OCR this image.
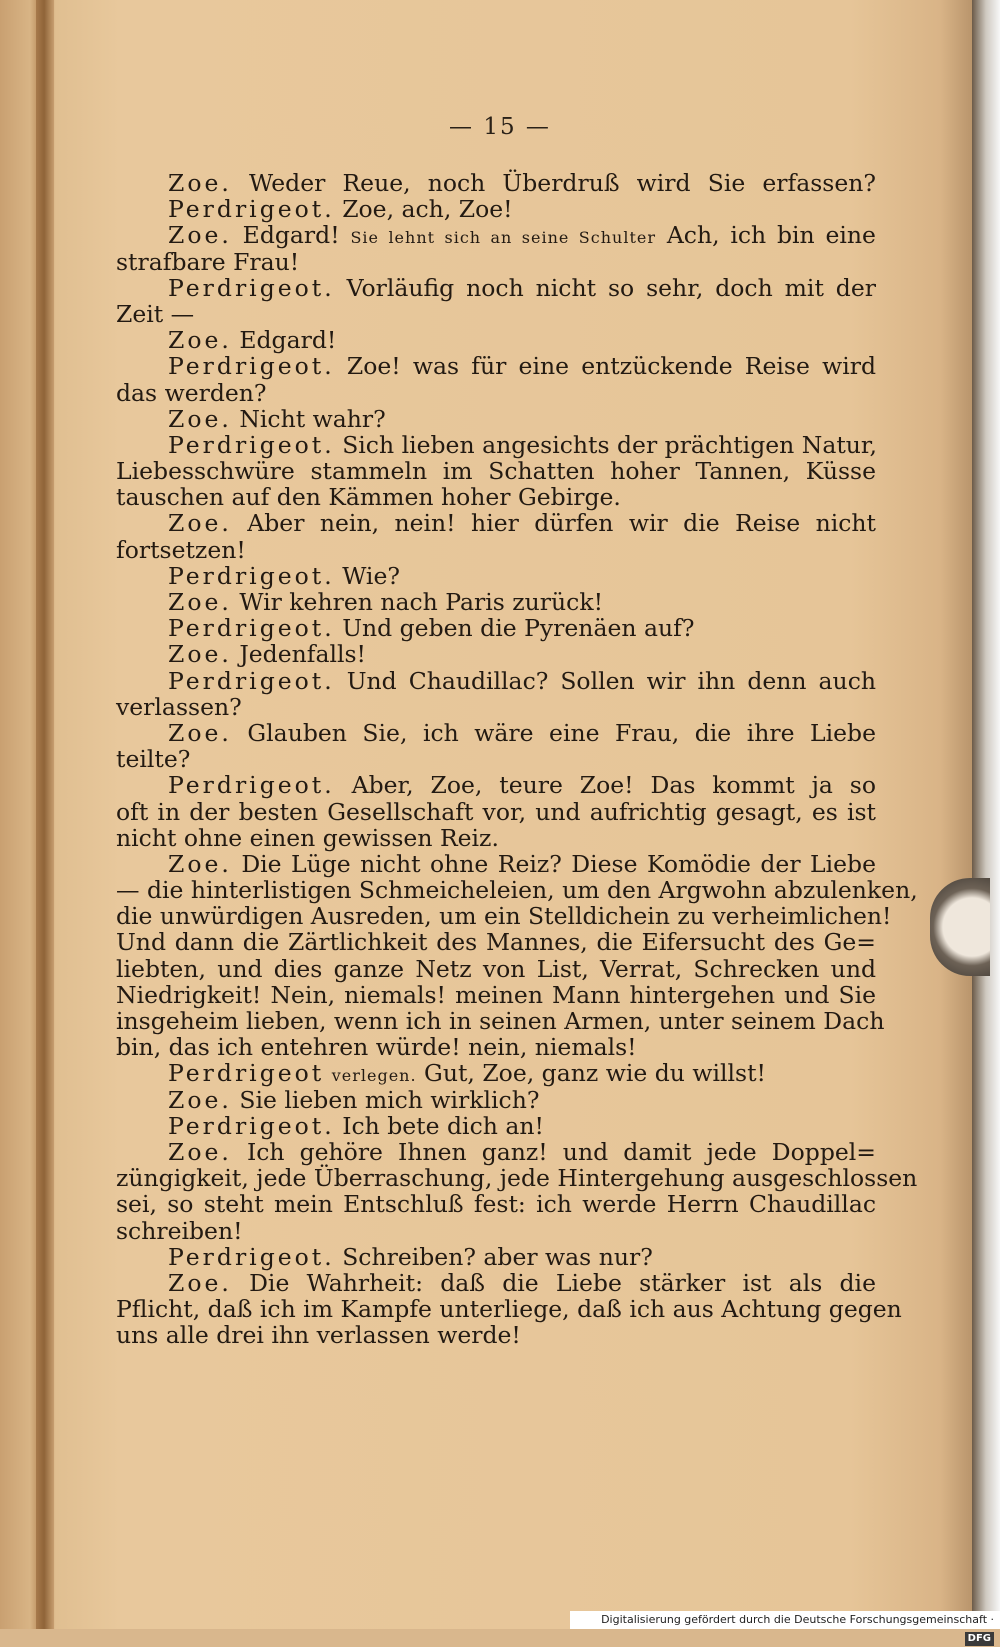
— 15 —
Zoe. Weder Reue, noch Überdruß wird Sie erfassen?
Perdrigeot. Zoe, ach, Zoe!
Zoe. Edgard! Sie lehnt sich an seine Schulter Ach, ich bin eine
strafbare Frau!
Perdrigeot. Vorläufig noch nicht so sehr, doch mit der
Zeit —
Zoe. Edgard!
Perdrigeot. Zoe! was für eine entzückende Reise wird
das werden?
Zoe. Nicht wahr?
Perdrigeot. Sich lieben angesichts der prächtigen Natur,
Liebesschwüre stammeln im Schatten hoher Tannen, Küsse
tauschen auf den Kämmen hoher Gebirge.
Zoe. Aber nein, nein! hier dürfen wir die Reise nicht
fortsetzen!
Perdrigeot. Wie?
Zoe. Wir kehren nach Paris zurück!
Perdrigeot. Und geben die Pyrenäen auf?
Zoe. Jedenfalls!
Perdrigeot. Und Chaudillac? Sollen wir ihn denn auch
verlassen?
Zoe. Glauben Sie, ich wäre eine Frau, die ihre Liebe
teilte?
Perdrigeot. Aber, Zoe, teure Zoe! Das kommt ja so
oft in der besten Gesellschaft vor, und aufrichtig gesagt, es ist
nicht ohne einen gewissen Reiz.
Zoe. Die Lüge nicht ohne Reiz? Diese Komödie der Liebe
— die hinterlistigen Schmeicheleien, um den Argwohn abzulenken,
die unwürdigen Ausreden, um ein Stelldichein zu verheimlichen!
Und dann die Zärtlichkeit des Mannes, die Eifersucht des Ge=
liebten, und dies ganze Netz von List, Verrat, Schrecken und
Niedrigkeit! Nein, niemals! meinen Mann hintergehen und Sie
insgeheim lieben, wenn ich in seinen Armen, unter seinem Dach
bin, das ich entehren würde! nein, niemals!
Perdrigeot verlegen. Gut, Zoe, ganz wie du willst!
Zoe. Sie lieben mich wirklich?
Perdrigeot. Ich bete dich an!
Zoe. Ich gehöre Ihnen ganz! und damit jede Doppel=
züngigkeit, jede Überraschung, jede Hintergehung ausgeschlossen
sei, so steht mein Entschluß fest: ich werde Herrn Chaudillac
schreiben!
Perdrigeot. Schreiben? aber was nur?
Zoe. Die Wahrheit: daß die Liebe stärker ist als die
Pflicht, daß ich im Kampfe unterliege, daß ich aus Achtung gegen
uns alle drei ihn verlassen werde!
Digitalisierung gefördert durch die Deutsche Forschungsgemeinschaft ·DFG
